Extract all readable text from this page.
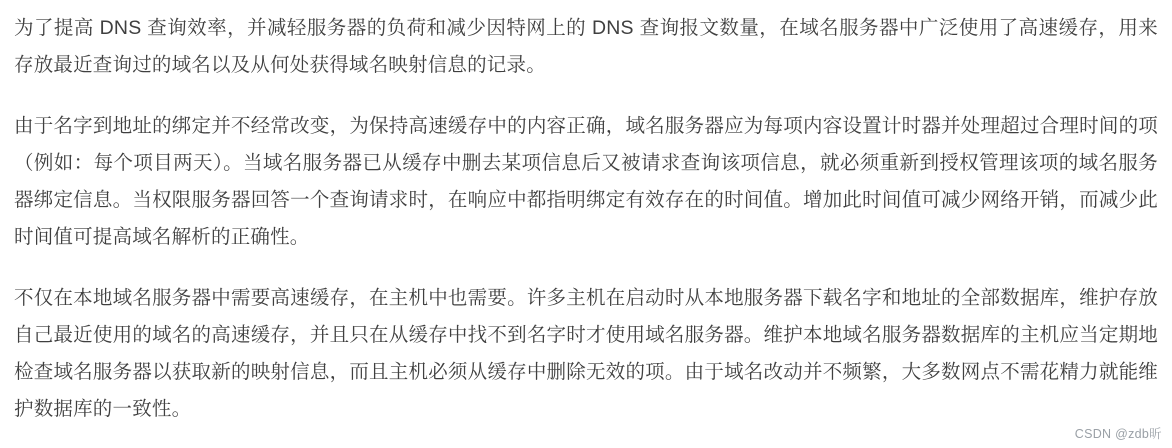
为了提高 DNS 查询效率，并减轻服务器的负荷和减少因特网上的 DNS 查询报文数量，在域名服务器中广泛使用了高速缓存，用来存放最近查询过的域名以及从何处获得域名映射信息的记录。

由于名字到地址的绑定并不经常改变，为保持高速缓存中的内容正确，域名服务器应为每项内容设置计时器并处理超过合理时间的项（例如：每个项目两天）。当域名服务器已从缓存中删去某项信息后又被请求查询该项信息，就必须重新到授权管理该项的域名服务器绑定信息。当权限服务器回答一个查询请求时，在响应中都指明绑定有效存在的时间值。增加此时间值可减少网络开销，而减少此时间值可提高域名解析的正确性。

不仅在本地域名服务器中需要高速缓存，在主机中也需要。许多主机在启动时从本地服务器下载名字和地址的全部数据库，维护存放自己最近使用的域名的高速缓存，并且只在从缓存中找不到名字时才使用域名服务器。维护本地域名服务器数据库的主机应当定期地检查域名服务器以获取新的映射信息，而且主机必须从缓存中删除无效的项。由于域名改动并不频繁，大多数网点不需花精力就能维护数据库的一致性。

CSDN @zdb昕
